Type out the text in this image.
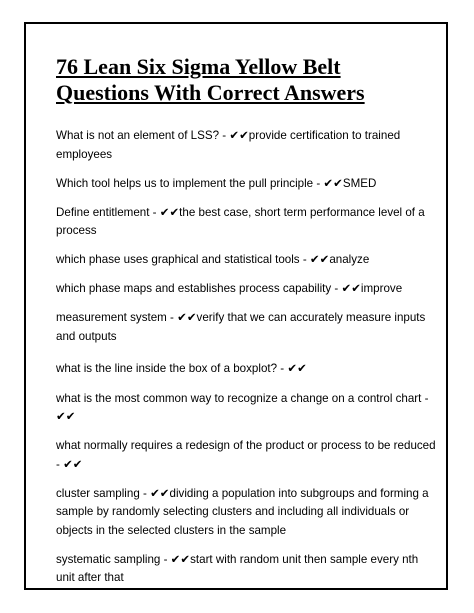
76 Lean Six Sigma Yellow Belt
Questions With Correct Answers
What is not an element of LSS? - ✔✔provide certification to trained employees
Which tool helps us to implement the pull principle - ✔✔SMED
Define entitlement - ✔✔the best case, short term performance level of a process
which phase uses graphical and statistical tools - ✔✔analyze
which phase maps and establishes process capability - ✔✔improve
measurement system - ✔✔verify that we can accurately measure inputs and outputs
what is the line inside the box of a boxplot? - ✔✔
what is the most common way to recognize a change on a control chart - ✔✔
what normally requires a redesign of the product or process to be reduced - ✔✔
cluster sampling - ✔✔dividing a population into subgroups and forming a sample by randomly selecting clusters and including all individuals or objects in the selected clusters in the sample
systematic sampling - ✔✔start with random unit then sample every nth unit after that
